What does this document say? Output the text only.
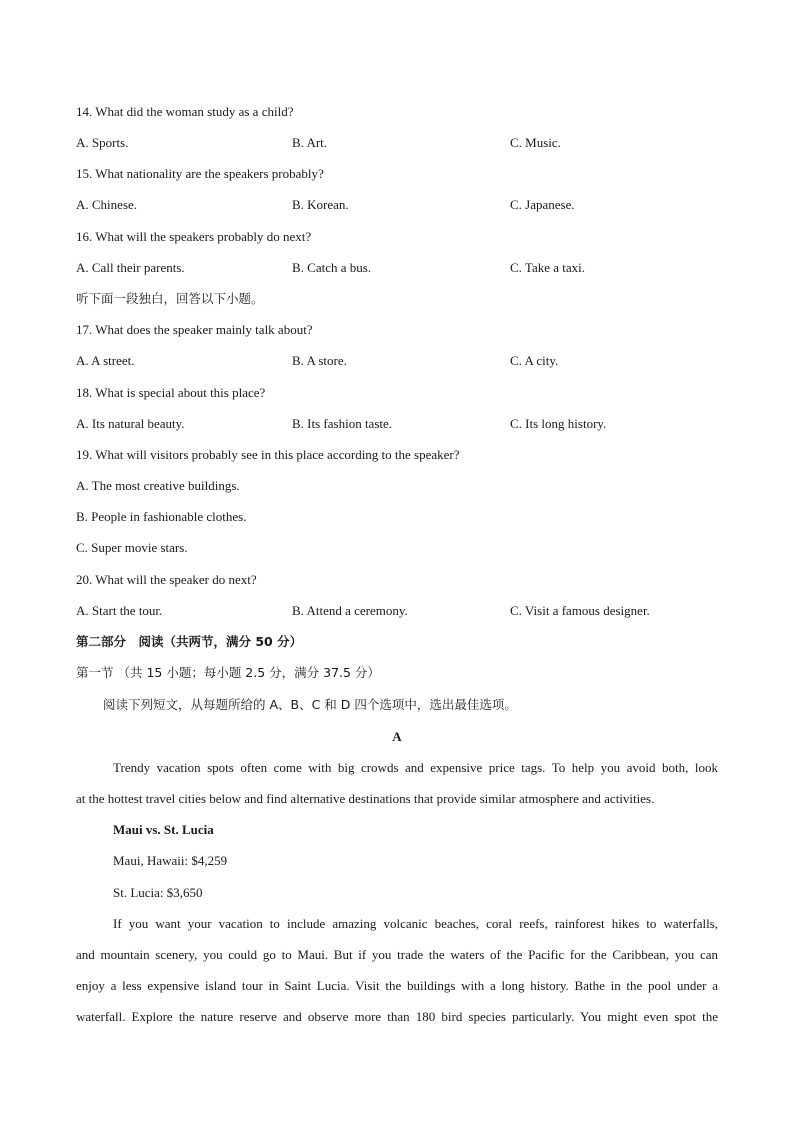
14. What did the woman study as a child?
A. Sports.	B. Art.	C. Music.
15. What nationality are the speakers probably?
A. Chinese.	B. Korean.	C. Japanese.
16. What will the speakers probably do next?
A. Call their parents.	B. Catch a bus.	C. Take a taxi.
听下面一段独白，回答以下小题。
17. What does the speaker mainly talk about?
A. A street.	B. A store.	C. A city.
18. What is special about this place?
A. Its natural beauty.	B. Its fashion taste.	C. Its long history.
19. What will visitors probably see in this place according to the speaker?
A. The most creative buildings.
B. People in fashionable clothes.
C. Super movie stars.
20. What will the speaker do next?
A. Start the tour.	B. Attend a ceremony.	C. Visit a famous designer.
第二部分　阅读（共两节，满分 50 分）
第一节 （共 15 小题；每小题 2.5 分，满分 37.5 分）
阅读下列短文，从每题所给的 A、B、C 和 D 四个选项中，选出最佳选项。
A
Trendy vacation spots often come with big crowds and expensive price tags. To help you avoid both, look
at the hottest travel cities below and find alternative destinations that provide similar atmosphere and activities.
Maui vs. St. Lucia
Maui, Hawaii: $4,259
St. Lucia: $3,650
If you want your vacation to include amazing volcanic beaches, coral reefs, rainforest hikes to waterfalls,
and mountain scenery, you could go to Maui. But if you trade the waters of the Pacific for the Caribbean, you can
enjoy a less expensive island tour in Saint Lucia. Visit the buildings with a long history. Bathe in the pool under a
waterfall. Explore the nature reserve and observe more than 180 bird species particularly. You might even spot the
